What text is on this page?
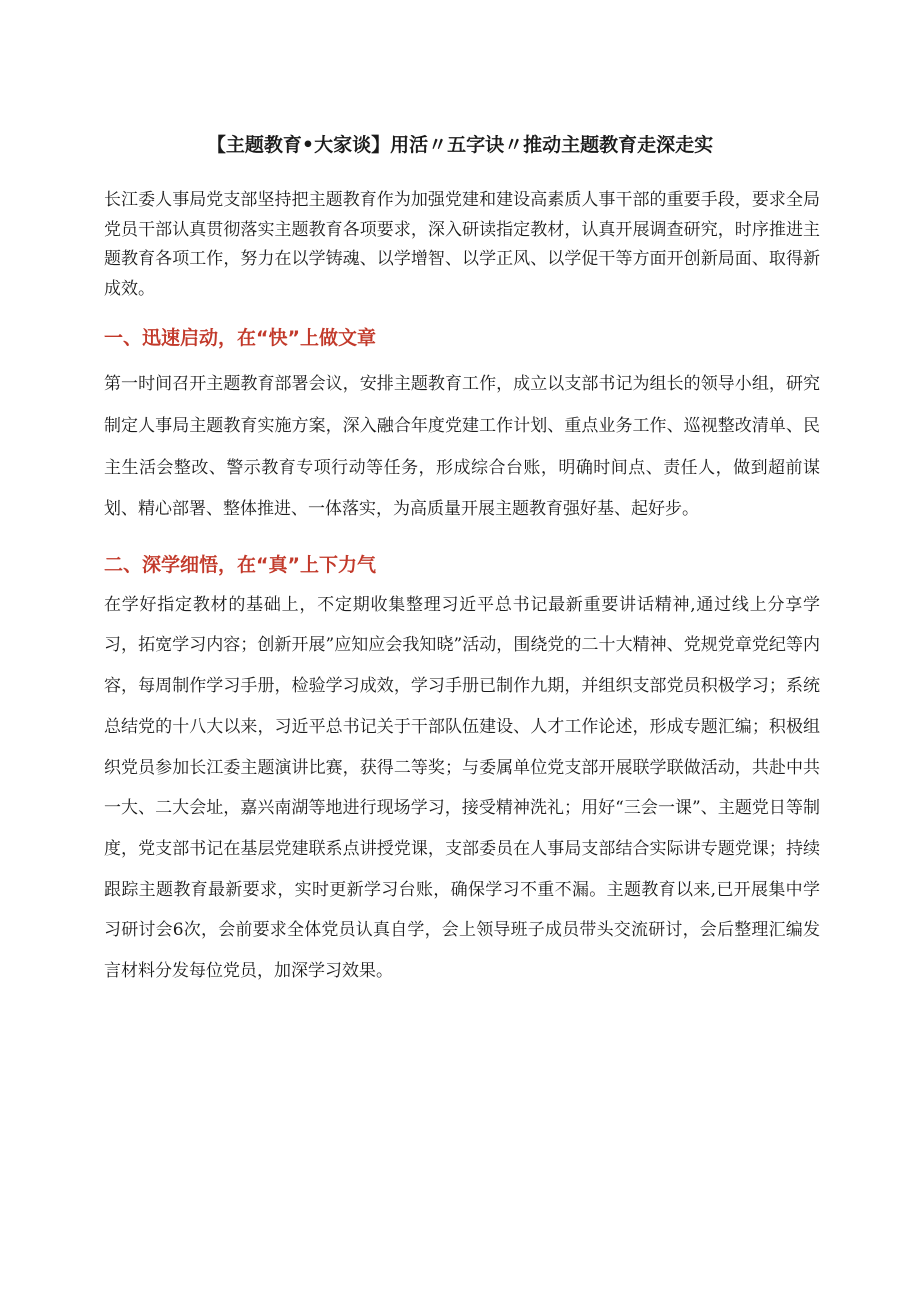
【主题教育•大家谈】用活〃五字诀〃推动主题教育走深走实

长江委人事局党支部坚持把主题教育作为加强党建和建设高素质人事干部的重要手段，要求全局党员干部认真贯彻落实主题教育各项要求，深入研读指定教材，认真开展调查研究，时序推进主题教育各项工作，努力在以学铸魂、以学增智、以学正风、以学促干等方面开创新局面、取得新成效。

一、迅速启动，在“快”上做文章

第一时间召开主题教育部署会议，安排主题教育工作，成立以支部书记为组长的领导小组，研究制定人事局主题教育实施方案，深入融合年度党建工作计划、重点业务工作、巡视整改清单、民主生活会整改、警示教育专项行动等任务，形成综合台账，明确时间点、责任人，做到超前谋划、精心部署、整体推进、一体落实，为高质量开展主题教育强好基、起好步。

二、深学细悟，在“真”上下力气

在学好指定教材的基础上，不定期收集整理习近平总书记最新重要讲话精神,通过线上分享学习，拓宽学习内容；创新开展”应知应会我知晓”活动，围绕党的二十大精神、党规党章党纪等内容，每周制作学习手册，检验学习成效，学习手册已制作九期，并组织支部党员积极学习；系统总结党的十八大以来，习近平总书记关于干部队伍建设、人才工作论述，形成专题汇编；积极组织党员参加长江委主题演讲比赛，获得二等奖；与委属单位党支部开展联学联做活动，共赴中共一大、二大会址，嘉兴南湖等地进行现场学习，接受精神洗礼；用好“三会一课”、主题党日等制度，党支部书记在基层党建联系点讲授党课，支部委员在人事局支部结合实际讲专题党课；持续跟踪主题教育最新要求，实时更新学习台账，确保学习不重不漏。主题教育以来,已开展集中学习研讨会6次，会前要求全体党员认真自学，会上领导班子成员带头交流研讨，会后整理汇编发言材料分发每位党员，加深学习效果。
